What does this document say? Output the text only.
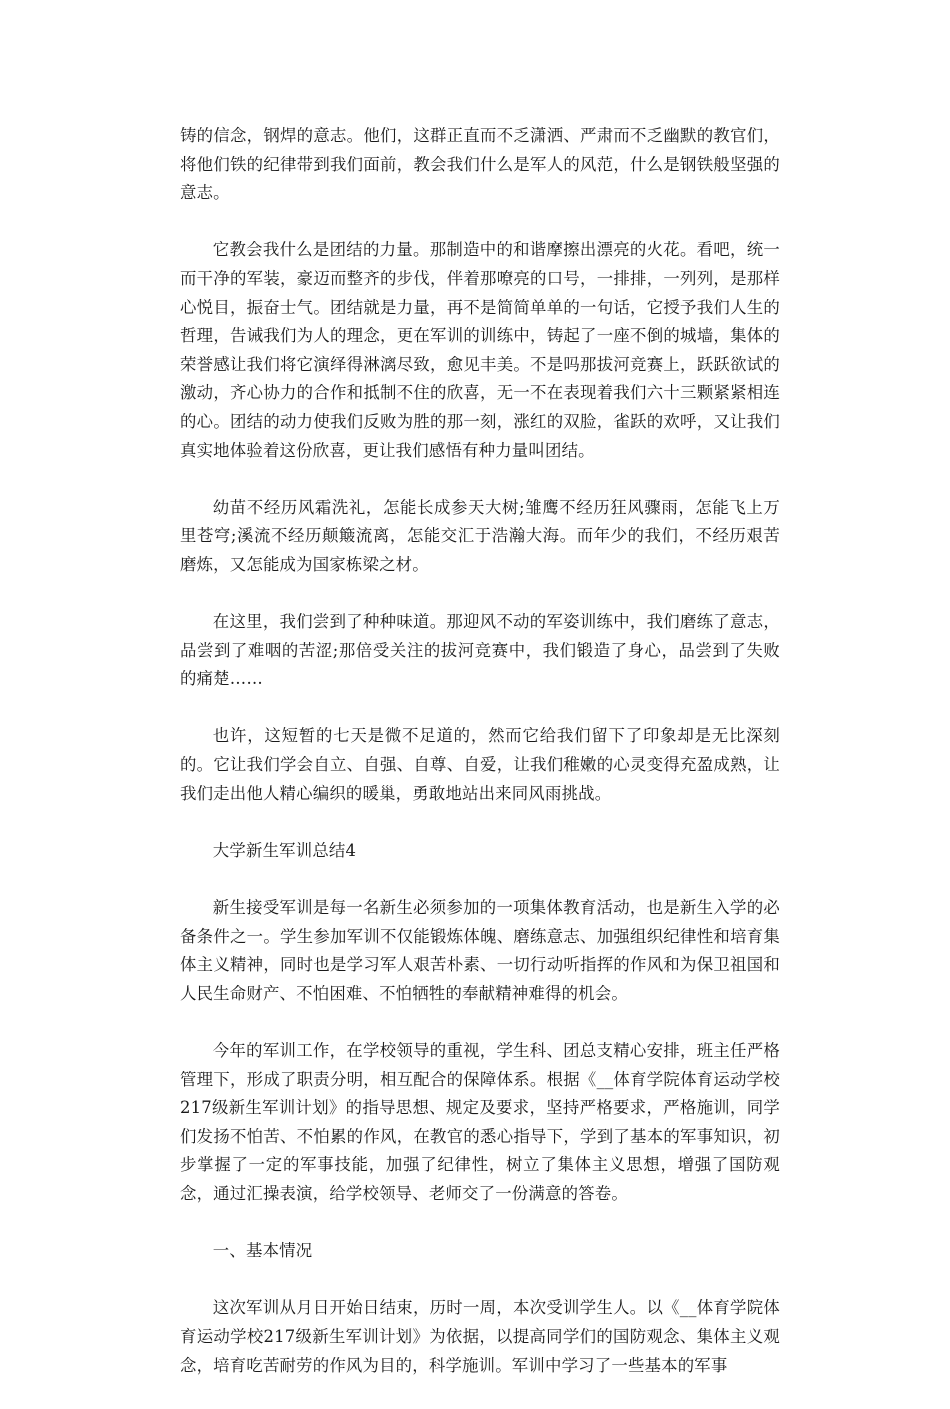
铸的信念，钢焊的意志。他们，这群正直而不乏潇洒、严肃而不乏幽默的教官们，将他们铁的纪律带到我们面前，教会我们什么是军人的风范，什么是钢铁般坚强的意志。

它教会我什么是团结的力量。那制造中的和谐摩擦出漂亮的火花。看吧，统一而干净的军装，豪迈而整齐的步伐，伴着那嘹亮的口号，一排排，一列列，是那样心悦目，振奋士气。团结就是力量，再不是简简单单的一句话，它授予我们人生的哲理，告诫我们为人的理念，更在军训的训练中，铸起了一座不倒的城墙，集体的荣誉感让我们将它演绎得淋漓尽致，愈见丰美。不是吗那拔河竞赛上，跃跃欲试的激动，齐心协力的合作和抵制不住的欣喜，无一不在表现着我们六十三颗紧紧相连的心。团结的动力使我们反败为胜的那一刻，涨红的双脸，雀跃的欢呼，又让我们真实地体验着这份欣喜，更让我们感悟有种力量叫团结。

幼苗不经历风霜洗礼，怎能长成参天大树;雏鹰不经历狂风骤雨，怎能飞上万里苍穹;溪流不经历颠簸流离，怎能交汇于浩瀚大海。而年少的我们，不经历艰苦磨炼，又怎能成为国家栋梁之材。

在这里，我们尝到了种种味道。那迎风不动的军姿训练中，我们磨练了意志，品尝到了难咽的苦涩;那倍受关注的拔河竞赛中，我们锻造了身心，品尝到了失败的痛楚……

也许，这短暂的七天是微不足道的，然而它给我们留下了印象却是无比深刻的。它让我们学会自立、自强、自尊、自爱，让我们稚嫩的心灵变得充盈成熟，让我们走出他人精心编织的暖巢，勇敢地站出来同风雨挑战。

大学新生军训总结4

新生接受军训是每一名新生必须参加的一项集体教育活动，也是新生入学的必备条件之一。学生参加军训不仅能锻炼体魄、磨练意志、加强组织纪律性和培育集体主义精神，同时也是学习军人艰苦朴素、一切行动听指挥的作风和为保卫祖国和人民生命财产、不怕困难、不怕牺牲的奉献精神难得的机会。

今年的军训工作，在学校领导的重视，学生科、团总支精心安排，班主任严格管理下，形成了职责分明，相互配合的保障体系。根据《__体育学院体育运动学校217级新生军训计划》的指导思想、规定及要求，坚持严格要求，严格施训，同学们发扬不怕苦、不怕累的作风，在教官的悉心指导下，学到了基本的军事知识，初步掌握了一定的军事技能，加强了纪律性，树立了集体主义思想，增强了国防观念，通过汇操表演，给学校领导、老师交了一份满意的答卷。

一、基本情况

这次军训从月日开始日结束，历时一周，本次受训学生人。以《__体育学院体育运动学校217级新生军训计划》为依据，以提高同学们的国防观念、集体主义观念，培育吃苦耐劳的作风为目的，科学施训。军训中学习了一些基本的军事
